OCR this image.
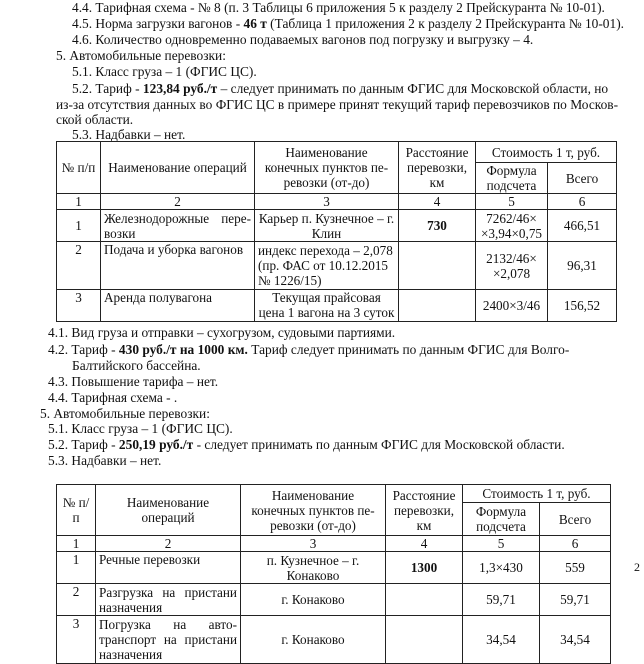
4.4. Тарифная схема - № 8 (п. 3 Таблицы 6 приложения 5 к разделу 2 Прейскуранта № 10-01).
4.5. Норма загрузки вагонов - 46 т (Таблица 1 приложения 2 к разделу 2 Прейскуранта № 10-01).
4.6. Количество одновременно подаваемых вагонов под погрузку и выгрузку – 4.
5. Автомобильные перевозки:
5.1. Класс груза – 1 (ФГИС ЦС).
5.2. Тариф - 123,84 руб./т – следует принимать по данным ФГИС для Московской области, но
из-за отсутствия данных во ФГИС ЦС в примере принят текущий тариф перевозчиков по Москов-
ской области.
5.3. Надбавки – нет.
№ п/п	Наименование операций	Наименование конечных пунктов пе-ревозки (от-до)	Расстояние перевозки, км	Стоимость 1 т, руб.	
				Формула подсчета	Всего
1	2	3	4	5	6
1	Железнодорожные пере-возки	Карьер п. Кузнечное – г. Клин	730	7262/46× ×3,94×0,75	466,51
2	Подача и уборка вагонов	индекс перехода – 2,078 (пр. ФАС от 10.12.2015 № 1226/15)		2132/46× ×2,078	96,31
3	Аренда полувагона	Текущая прайсовая цена 1 вагона на 3 суток		2400×3/46	156,52
4.1. Вид груза и отправки – сухогрузом, судовыми партиями.
4.2. Тариф - 430 руб./т на 1000 км. Тариф следует принимать по данным ФГИС для Волго-
Балтийского бассейна.
4.3. Повышение тарифа – нет.
4.4. Тарифная схема - .
5. Автомобильные перевозки:
5.1. Класс груза – 1 (ФГИС ЦС).
5.2. Тариф - 250,19 руб./т - следует принимать по данным ФГИС для Московской области.
5.3. Надбавки – нет.
№ п/п	Наименование операций	Наименование конечных пунктов пе-ревозки (от-до)	Расстояние перевозки, км	Стоимость 1 т, руб.	
				Формула подсчета	Всего
1	2	3	4	5	6
1	Речные перевозки	п. Кузнечное – г. Конаково	1300	1,3×430	559
2	Разгрузка на пристани назначения	г. Конаково		59,71	59,71
3	Погрузка на авто-транспорт на пристани назначения	г. Конаково		34,54	34,54
2
